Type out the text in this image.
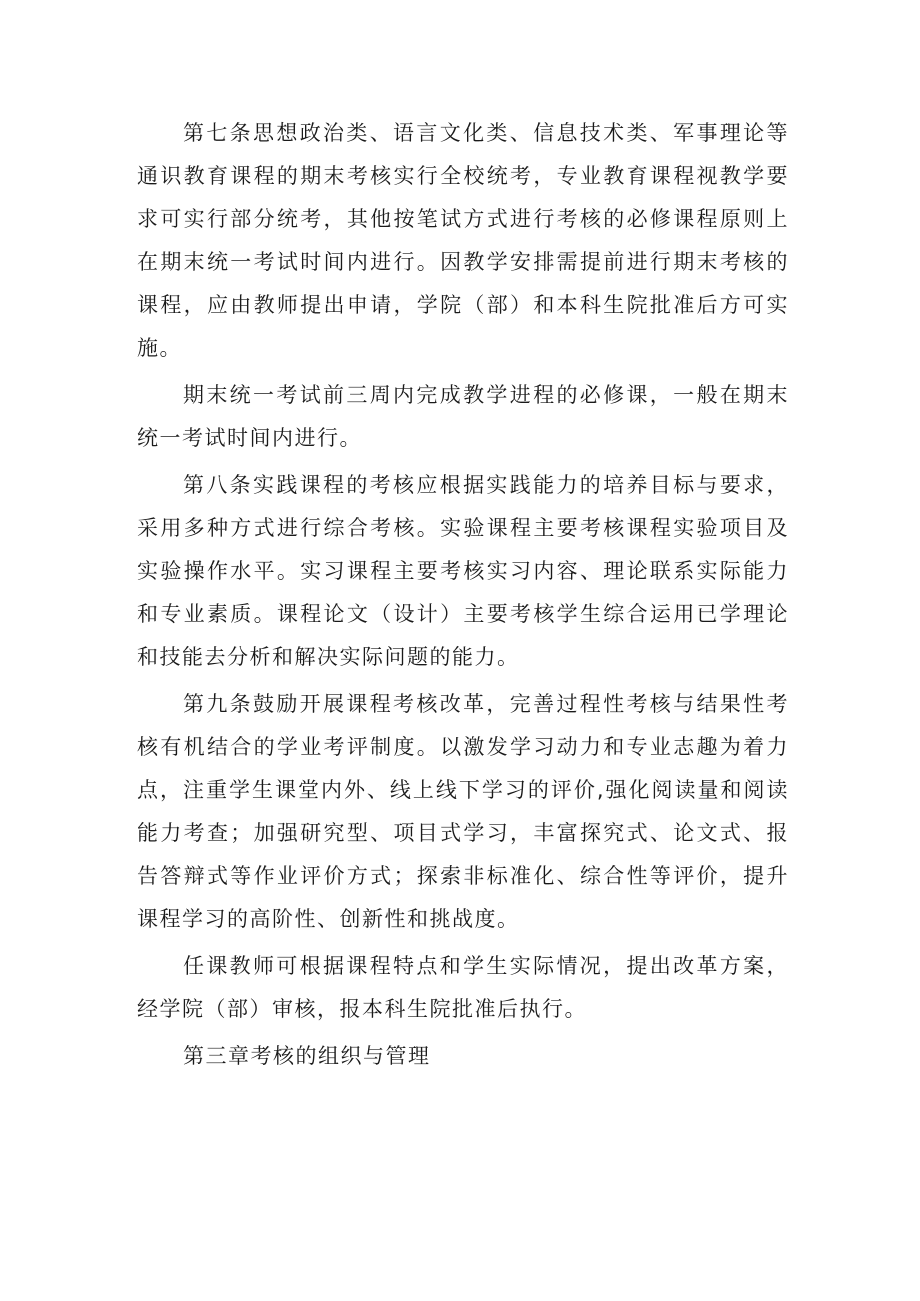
第七条思想政治类、语言文化类、信息技术类、军事理论等通识教育课程的期末考核实行全校统考，专业教育课程视教学要求可实行部分统考，其他按笔试方式进行考核的必修课程原则上在期末统一考试时间内进行。因教学安排需提前进行期末考核的课程，应由教师提出申请，学院（部）和本科生院批准后方可实施。

期末统一考试前三周内完成教学进程的必修课，一般在期末统一考试时间内进行。

第八条实践课程的考核应根据实践能力的培养目标与要求，采用多种方式进行综合考核。实验课程主要考核课程实验项目及实验操作水平。实习课程主要考核实习内容、理论联系实际能力和专业素质。课程论文（设计）主要考核学生综合运用已学理论和技能去分析和解决实际问题的能力。

第九条鼓励开展课程考核改革，完善过程性考核与结果性考核有机结合的学业考评制度。以激发学习动力和专业志趣为着力点，注重学生课堂内外、线上线下学习的评价,强化阅读量和阅读能力考查；加强研究型、项目式学习，丰富探究式、论文式、报告答辩式等作业评价方式；探索非标准化、综合性等评价，提升课程学习的高阶性、创新性和挑战度。

任课教师可根据课程特点和学生实际情况，提出改革方案，经学院（部）审核，报本科生院批准后执行。

第三章考核的组织与管理
